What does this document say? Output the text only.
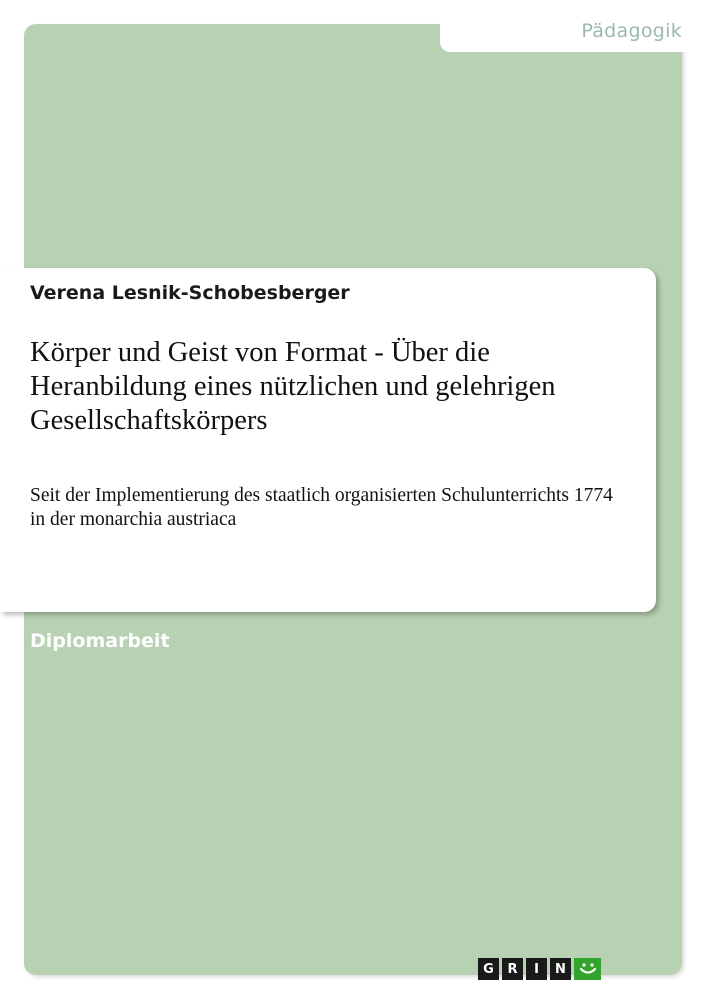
Pädagogik
Verena Lesnik-Schobesberger
Körper und Geist von Format - Über die Heranbildung eines nützlichen und gelehrigen Gesellschaftskörpers
Seit der Implementierung des staatlich organisierten Schulunterrichts 1774 in der monarchia austriaca
Diplomarbeit
G	R	I	N
